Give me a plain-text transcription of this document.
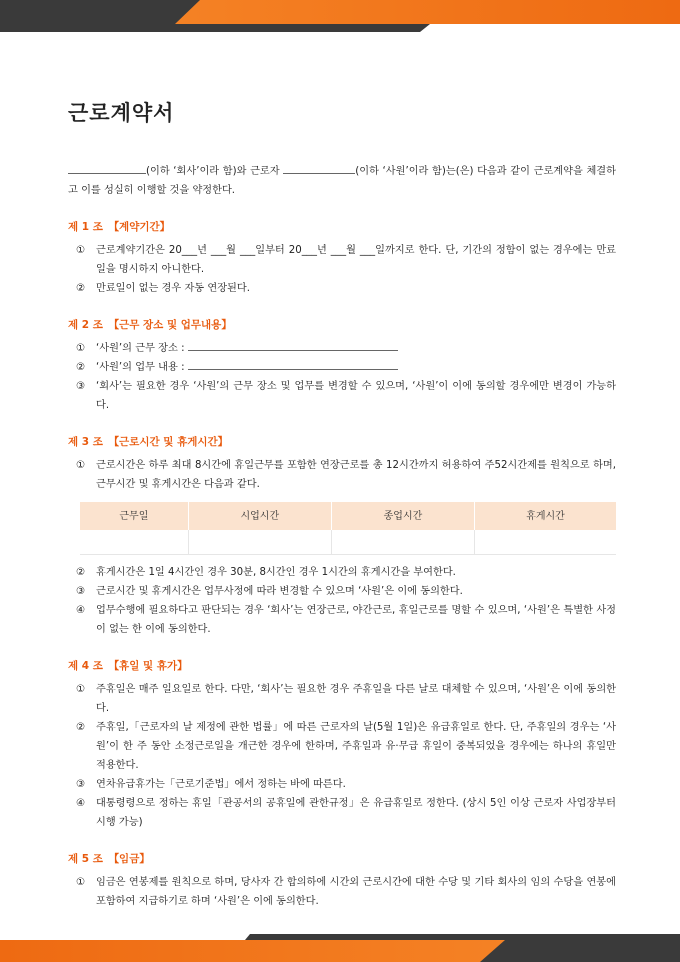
근로계약서
(이하 ‘회사’이라 함)와 근로자	(이하 ‘사원’이라 함)는(은) 다음과 같이 근로계약을 체결하고 이를 성실히 이행할 것을 약정한다.
제 1 조 【계약기간】
①	근로계약기간은 20___년 ___월 ___일부터 20___년 ___월 ___일까지로 한다. 단, 기간의 정함이 없는 경우에는 만료일을 명시하지 아니한다.
②	만료일이 없는 경우 자동 연장된다.
제 2 조 【근무 장소 및 업무내용】
①	‘사원’의 근무 장소 :
②	‘사원’의 업무 내용 :
③	‘회사’는 필요한 경우 ‘사원’의 근무 장소 및 업무를 변경할 수 있으며, ‘사원’이 이에 동의할 경우에만 변경이 가능하다.
제 3 조 【근로시간 및 휴게시간】
①	근로시간은 하루 최대 8시간에 휴일근무를 포함한 연장근로를 총 12시간까지 허용하여 주52시간제를 원칙으로 하며, 근무시간 및 휴게시간은 다음과 같다.
근무일	시업시간	종업시간	휴게시간

②	휴게시간은 1일 4시간인 경우 30분, 8시간인 경우 1시간의 휴게시간을 부여한다.
③	근로시간 및 휴게시간은 업무사정에 따라 변경할 수 있으며 ‘사원’은 이에 동의한다.
④	업무수행에 필요하다고 판단되는 경우 ‘회사’는 연장근로, 야간근로, 휴일근로를 명할 수 있으며, ‘사원’은 특별한 사정이 없는 한 이에 동의한다.
제 4 조 【휴일 및 휴가】
①	주휴일은 매주 일요일로 한다. 다만, ‘회사’는 필요한 경우 주휴일을 다른 날로 대체할 수 있으며, ‘사원’은 이에 동의한다.
②	주휴일,「근로자의 날 제정에 관한 법률」에 따른 근로자의 날(5월 1일)은 유급휴일로 한다. 단, 주휴일의 경우는 ‘사원’이 한 주 동안 소정근로일을 개근한 경우에 한하며, 주휴일과 유·무급 휴일이 중복되었을 경우에는 하나의 휴일만 적용한다.
③	연차유급휴가는「근로기준법」에서 정하는 바에 따른다.
④	대통령령으로 정하는 휴일「관공서의 공휴일에 관한규정」은 유급휴일로 정한다. (상시 5인 이상 근로자 사업장부터 시행 가능)
제 5 조 【임금】
①	임금은 연봉제를 원칙으로 하며, 당사자 간 합의하에 시간외 근로시간에 대한 수당 및 기타 회사의 임의 수당을 연봉에 포함하여 지급하기로 하며 ‘사원’은 이에 동의한다.
